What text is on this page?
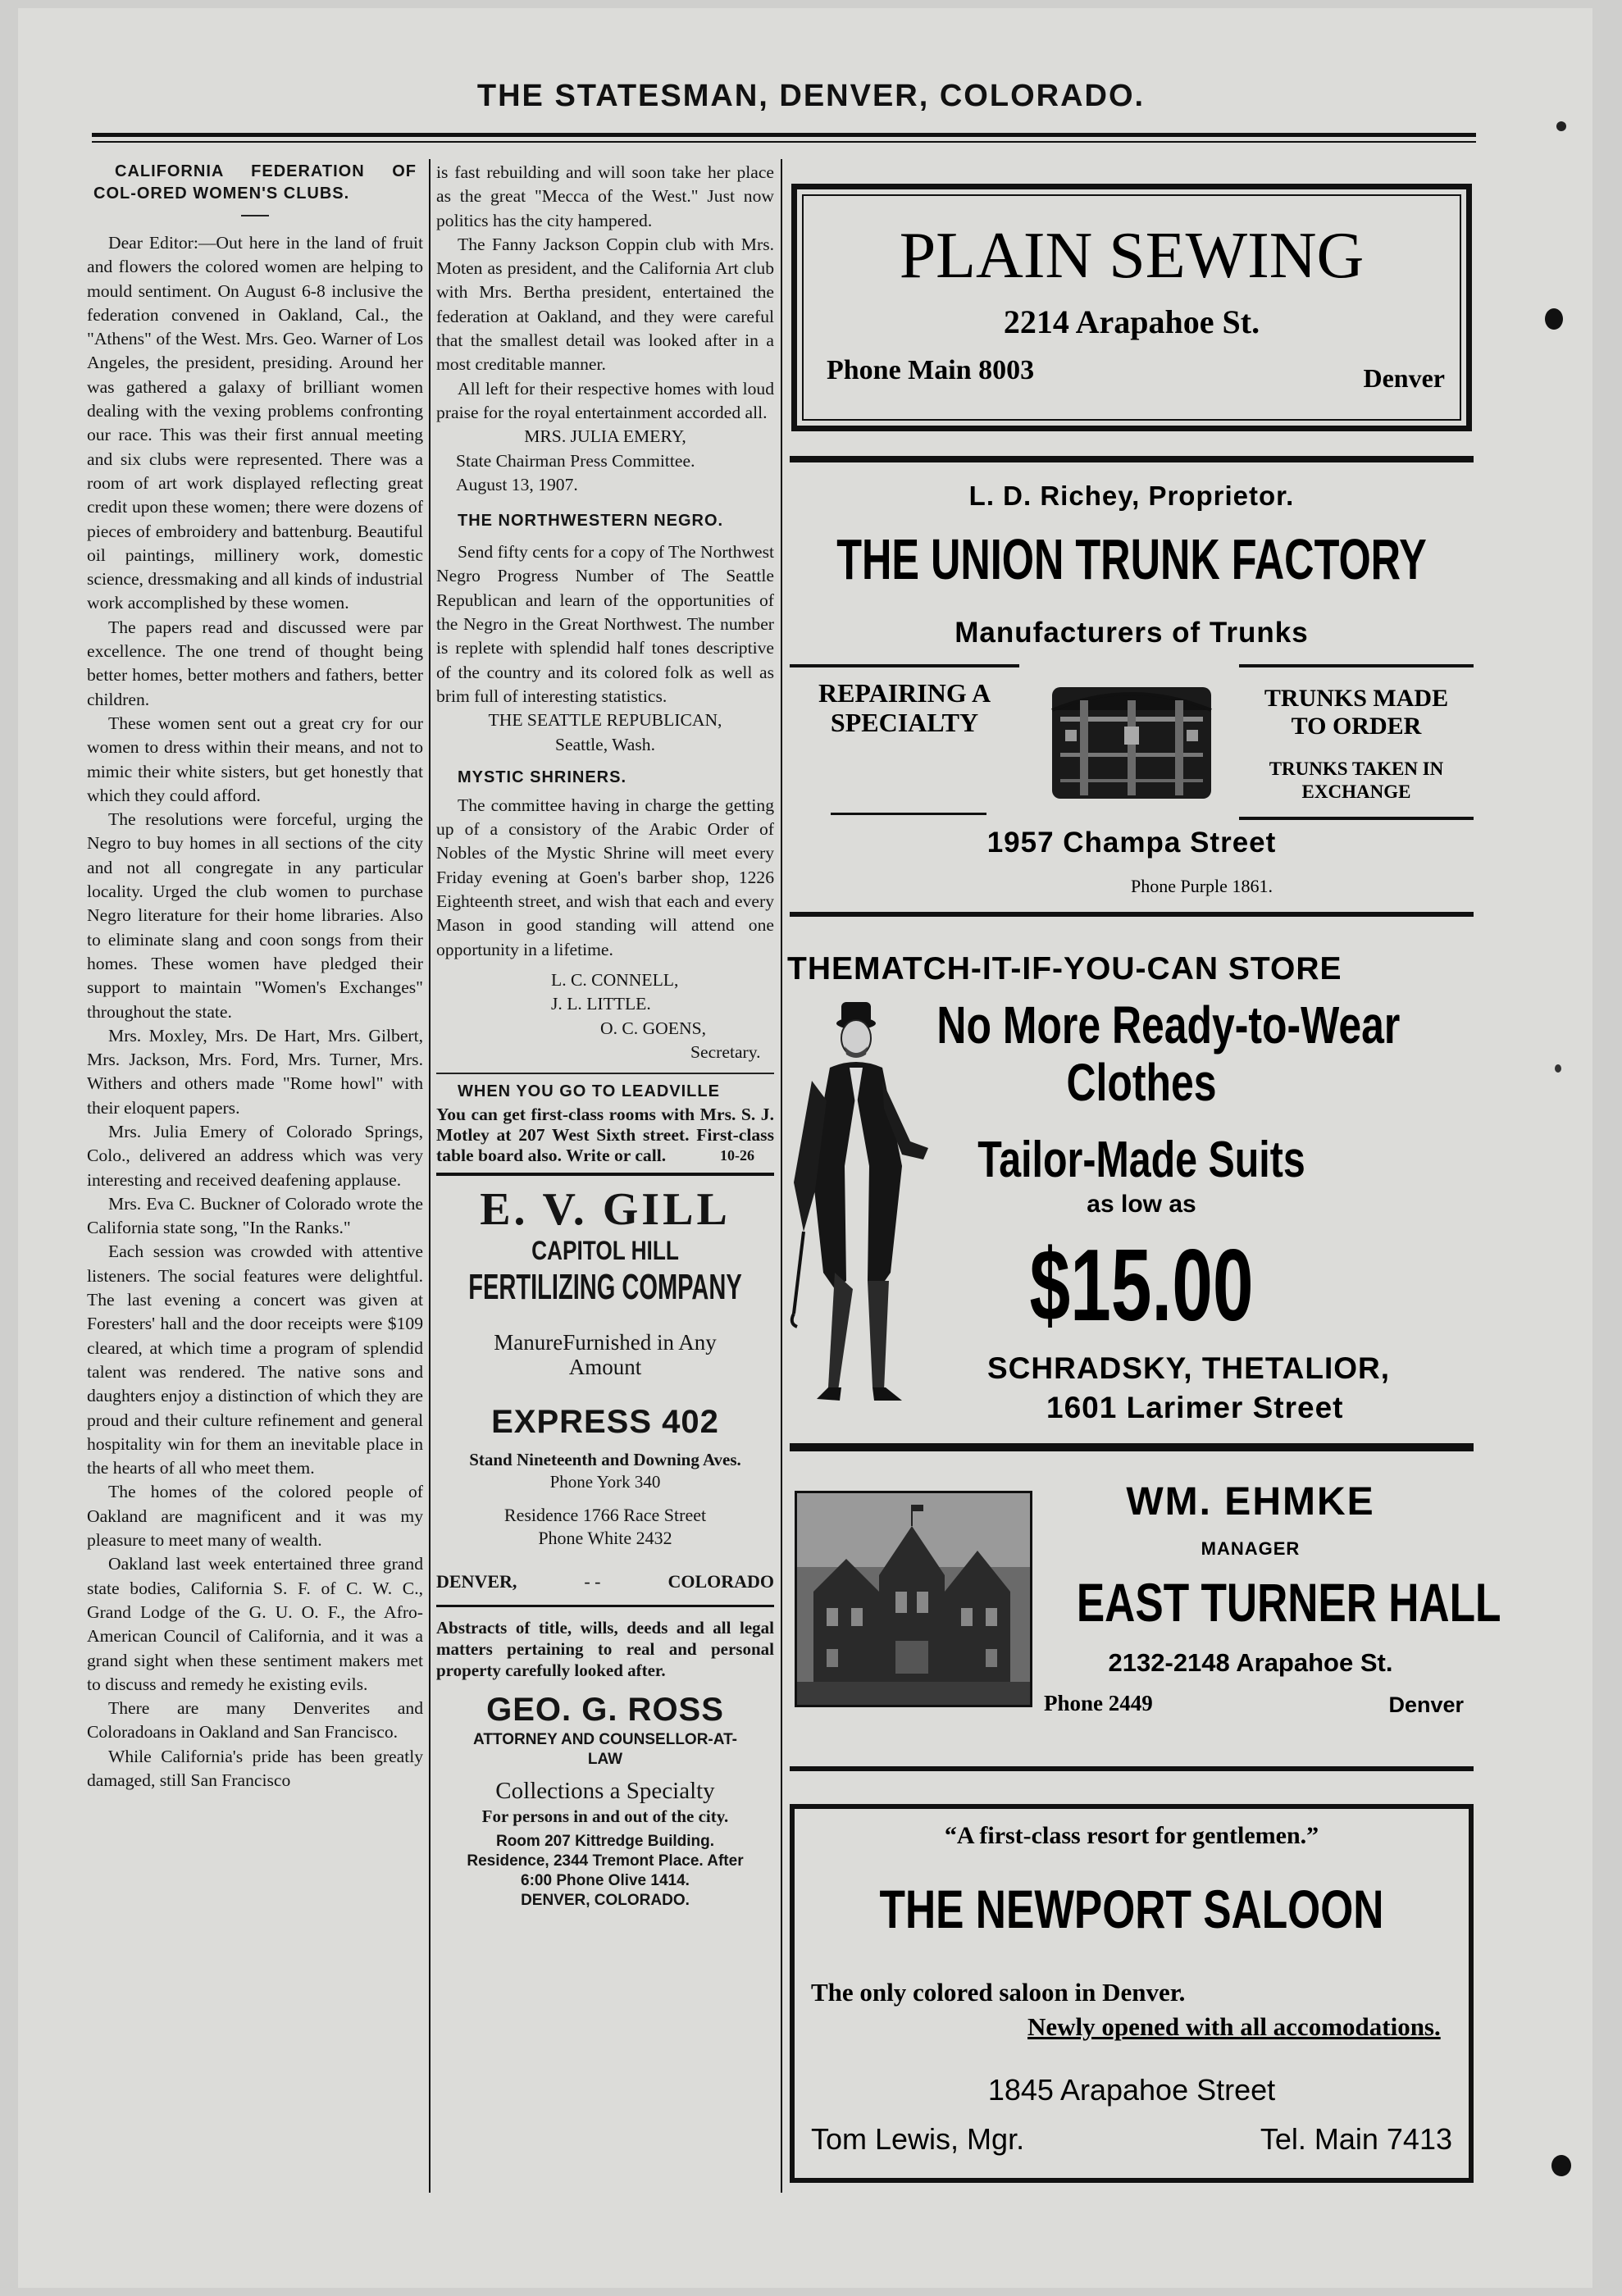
THE STATESMAN, DENVER, COLORADO.

CALIFORNIA FEDERATION OF COL-ORED WOMEN'S CLUBS.

Dear Editor:—Out here in the land of fruit and flowers the colored women are helping to mould sentiment. On August 6-8 inclusive the federation convened in Oakland, Cal., the "Athens" of the West. Mrs. Geo. Warner of Los Angeles, the president, presiding. Around her was gathered a galaxy of brilliant women dealing with the vexing problems confronting our race. This was their first annual meeting and six clubs were represented. There was a room of art work displayed reflecting great credit upon these women; there were dozens of pieces of embroidery and battenburg. Beautiful oil paintings, millinery work, domestic science, dressmaking and all kinds of industrial work accomplished by these women.

The papers read and discussed were par excellence. The one trend of thought being better homes, better mothers and fathers, better children.

These women sent out a great cry for our women to dress within their means, and not to mimic their white sisters, but get honestly that which they could afford.

The resolutions were forceful, urging the Negro to buy homes in all sections of the city and not all congregate in any particular locality. Urged the club women to purchase Negro literature for their home libraries. Also to eliminate slang and coon songs from their homes. These women have pledged their support to maintain "Women's Exchanges" throughout the state.

Mrs. Moxley, Mrs. De Hart, Mrs. Gilbert, Mrs. Jackson, Mrs. Ford, Mrs. Turner, Mrs. Withers and others made "Rome howl" with their eloquent papers.

Mrs. Julia Emery of Colorado Springs, Colo., delivered an address which was very interesting and received deafening applause.

Mrs. Eva C. Buckner of Colorado wrote the California state song, "In the Ranks."

Each session was crowded with attentive listeners. The social features were delightful. The last evening a concert was given at Foresters' hall and the door receipts were $109 cleared, at which time a program of splendid talent was rendered. The native sons and daughters enjoy a distinction of which they are proud and their culture refinement and general hospitality win for them an inevitable place in the hearts of all who meet them.

The homes of the colored people of Oakland are magnificent and it was my pleasure to meet many of wealth.

Oakland last week entertained three grand state bodies, California S. F. of C. W. C., Grand Lodge of the G. U. O. F., the Afro-American Council of California, and it was a grand sight when these sentiment makers met to discuss and remedy he existing evils.

There are many Denverites and Coloradoans in Oakland and San Francisco.

While California's pride has been greatly damaged, still San Francisco

is fast rebuilding and will soon take her place as the great "Mecca of the West." Just now politics has the city hampered.

The Fanny Jackson Coppin club with Mrs. Moten as president, and the California Art club with Mrs. Bertha president, entertained the federation at Oakland, and they were careful that the smallest detail was looked after in a most creditable manner.

All left for their respective homes with loud praise for the royal entertainment accorded all.

MRS. JULIA EMERY,

State Chairman Press Committee.

August 13, 1907.

THE NORTHWESTERN NEGRO.

Send fifty cents for a copy of The Northwest Negro Progress Number of The Seattle Republican and learn of the opportunities of the Negro in the Great Northwest. The number is replete with splendid half tones descriptive of the country and its colored folk as well as brim full of interesting statistics.

THE SEATTLE REPUBLICAN,

Seattle, Wash.

MYSTIC SHRINERS.

The committee having in charge the getting up of a consistory of the Arabic Order of Nobles of the Mystic Shrine will meet every Friday evening at Goen's barber shop, 1226 Eighteenth street, and wish that each and every Mason in good standing will attend one opportunity in a lifetime.

L. C. CONNELL,

J. L. LITTLE.

O. C. GOENS,

Secretary.

WHEN YOU GO TO LEADVILLE

You can get first-class rooms with Mrs. S. J. Motley at 207 West Sixth street. First-class table board also. Write or call.	10-26

E. V. GILL
CAPITOL HILL
FERTILIZING COMPANY
ManureFurnished in Any
Amount
EXPRESS 402
Stand Nineteenth and Downing Aves.
Phone York 340
Residence 1766 Race Street
Phone White 2432
DENVER,	- -	COLORADO

Abstracts of title, wills, deeds and all legal matters pertaining to real and personal property carefully looked after.

GEO. G. ROSS
ATTORNEY AND COUNSELLOR-AT-LAW
Collections a Specialty
For persons in and out of the city.
Room 207 Kittredge Building.
Residence, 2344 Tremont Place. After
6:00 Phone Olive 1414.
DENVER, COLORADO.
PLAIN SEWING
2214 Arapahoe St.
Phone Main 8003	Denver
L. D. Richey, Proprietor.
THE UNION TRUNK FACTORY
Manufacturers of Trunks
REPAIRING A
SPECIALTY
TRUNKS MADE
TO ORDER
TRUNKS TAKEN IN
EXCHANGE
1957 Champa Street
Phone Purple 1861.
THEMATCH-IT-IF-YOU-CAN STORE
No More Ready-to-Wear
Clothes
Tailor-Made Suits
as low as
$15.00
SCHRADSKY, THETALIOR,
1601 Larimer Street
WM. EHMKE
MANAGER
EAST TURNER HALL
2132-2148 Arapahoe St.
Phone 2449	Denver
“A first-class resort for gentlemen.”
THE NEWPORT SALOON
The only colored saloon in Denver.
Newly opened with all accomodations.
1845 Arapahoe Street
Tom Lewis, Mgr.	Tel. Main 7413
